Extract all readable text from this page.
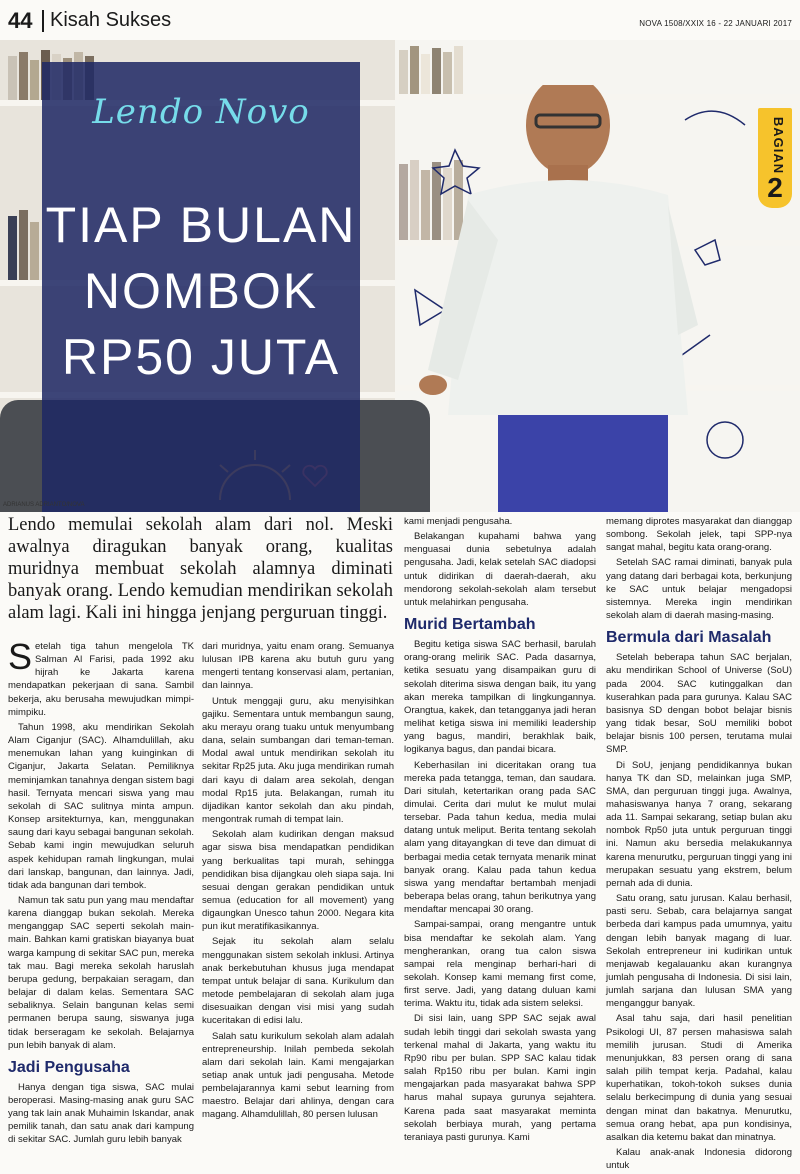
44 Kisah Sukses	NOVA 1508/XXIX 16 - 22 JANUARI 2017
Lendo Novo
TIAP BULAN NOMBOK RP50 JUTA
BAGIAN
2
ADRIANUS ADRIANTO/NOVA
Lendo memulai sekolah alam dari nol. Meski awalnya diragukan banyak orang, kualitas muridnya membuat sekolah alamnya diminati banyak orang. Lendo kemudian mendirikan sekolah alam lagi. Kali ini hingga jenjang perguruan tinggi.

Setelah tiga tahun mengelola TK Salman Al Farisi, pada 1992 aku hijrah ke Jakarta karena mendapatkan pekerjaan di sana. Sambil bekerja, aku berusaha mewujudkan mimpi-mimpiku.

Tahun 1998, aku mendirikan Sekolah Alam Ciganjur (SAC). Alhamdulillah, aku menemukan lahan yang kuinginkan di Ciganjur, Jakarta Selatan. Pemiliknya meminjamkan tanahnya dengan sistem bagi hasil. Ternyata mencari siswa yang mau sekolah di SAC sulitnya minta ampun. Konsep arsitekturnya, kan, menggunakan saung dari kayu sebagai bangunan sekolah. Sebab kami ingin mewujudkan seluruh aspek kehidupan ramah lingkungan, mulai dari lanskap, bangunan, dan lainnya. Jadi, tidak ada bangunan dari tembok.

Namun tak satu pun yang mau mendaftar karena dianggap bukan sekolah. Mereka menganggap SAC seperti sekolah main-main. Bahkan kami gratiskan biayanya buat warga kampung di sekitar SAC pun, mereka tak mau. Bagi mereka sekolah haruslah berupa gedung, berpakaian seragam, dan belajar di dalam kelas. Sementara SAC sebaliknya. Selain bangunan kelas semi permanen berupa saung, siswanya juga tidak berseragam ke sekolah. Belajarnya pun lebih banyak di alam.

Jadi Pengusaha

Hanya dengan tiga siswa, SAC mulai beroperasi. Masing-masing anak guru SAC yang tak lain anak Muhaimin Iskandar, anak pemilik tanah, dan satu anak dari kampung di sekitar SAC. Jumlah guru lebih banyak

dari muridnya, yaitu enam orang. Semuanya lulusan IPB karena aku butuh guru yang mengerti tentang konservasi alam, pertanian, dan lainnya.

Untuk menggaji guru, aku menyisihkan gajiku. Sementara untuk membangun saung, aku merayu orang tuaku untuk menyumbang dana, selain sumbangan dari teman-teman. Modal awal untuk mendirikan sekolah itu sekitar Rp25 juta. Aku juga mendirikan rumah dari kayu di dalam area sekolah, dengan modal Rp15 juta. Belakangan, rumah itu dijadikan kantor sekolah dan aku pindah, mengontrak rumah di tempat lain.

Sekolah alam kudirikan dengan maksud agar siswa bisa mendapatkan pendidikan yang berkualitas tapi murah, sehingga pendidikan bisa dijangkau oleh siapa saja. Ini sesuai dengan gerakan pendidikan untuk semua (education for all movement) yang digaungkan Unesco tahun 2000. Negara kita pun ikut meratifikasikannya.

Sejak itu sekolah alam selalu menggunakan sistem sekolah inklusi. Artinya anak berkebutuhan khusus juga mendapat tempat untuk belajar di sana. Kurikulum dan metode pembelajaran di sekolah alam juga disesuaikan dengan visi misi yang sudah kuceritakan di edisi lalu.

Salah satu kurikulum sekolah alam adalah entrepreneurship. Inilah pembeda sekolah alam dari sekolah lain. Kami mengajarkan setiap anak untuk jadi pengusaha. Metode pembelajarannya kami sebut learning from maestro. Belajar dari ahlinya, dengan cara magang. Alhamdulillah, 80 persen lulusan

kami menjadi pengusaha.

Belakangan kupahami bahwa yang menguasai dunia sebetulnya adalah pengusaha. Jadi, kelak setelah SAC diadopsi untuk didirikan di daerah-daerah, aku mendorong sekolah-sekolah alam tersebut untuk melahirkan pengusaha.

Murid Bertambah

Begitu ketiga siswa SAC berhasil, barulah orang-orang melirik SAC. Pada dasarnya, ketika sesuatu yang disampaikan guru di sekolah diterima siswa dengan baik, itu yang akan mereka tampilkan di lingkungannya. Orangtua, kakek, dan tetangganya jadi heran melihat ketiga siswa ini memiliki leadership yang bagus, mandiri, berakhlak baik, logikanya bagus, dan pandai bicara.

Keberhasilan ini diceritakan orang tua mereka pada tetangga, teman, dan saudara. Dari situlah, ketertarikan orang pada SAC dimulai. Cerita dari mulut ke mulut mulai tersebar. Pada tahun kedua, media mulai datang untuk meliput. Berita tentang sekolah alam yang ditayangkan di teve dan dimuat di berbagai media cetak ternyata menarik minat banyak orang. Kalau pada tahun kedua siswa yang mendaftar bertambah menjadi beberapa belas orang, tahun berikutnya yang mendaftar mencapai 30 orang.

Sampai-sampai, orang mengantre untuk bisa mendaftar ke sekolah alam. Yang mengherankan, orang tua calon siswa sampai rela menginap berhari-hari di sekolah. Konsep kami memang first come, first serve. Jadi, yang datang duluan kami terima. Waktu itu, tidak ada sistem seleksi.

Di sisi lain, uang SPP SAC sejak awal sudah lebih tinggi dari sekolah swasta yang terkenal mahal di Jakarta, yang waktu itu Rp90 ribu per bulan. SPP SAC kalau tidak salah Rp150 ribu per bulan. Kami ingin mengajarkan pada masyarakat bahwa SPP harus mahal supaya gurunya sejahtera. Karena pada saat masyarakat meminta sekolah berbiaya murah, yang pertama teraniaya pasti gurunya. Kami

memang diprotes masyarakat dan dianggap sombong. Sekolah jelek, tapi SPP-nya sangat mahal, begitu kata orang-orang.

Setelah SAC ramai diminati, banyak pula yang datang dari berbagai kota, berkunjung ke SAC untuk belajar mengadopsi sistemnya. Mereka ingin mendirikan sekolah alam di daerah masing-masing.

Bermula dari Masalah

Setelah beberapa tahun SAC berjalan, aku mendirikan School of Universe (SoU) pada 2004. SAC kutinggalkan dan kuserahkan pada para gurunya. Kalau SAC basisnya SD dengan bobot belajar bisnis yang tidak besar, SoU memiliki bobot belajar bisnis 100 persen, terutama mulai SMP.

Di SoU, jenjang pendidikannya bukan hanya TK dan SD, melainkan juga SMP, SMA, dan perguruan tinggi juga. Awalnya, mahasiswanya hanya 7 orang, sekarang ada 11. Sampai sekarang, setiap bulan aku nombok Rp50 juta untuk perguruan tinggi ini. Namun aku bersedia melakukannya karena menurutku, perguruan tinggi yang ini merupakan sesuatu yang ekstrem, belum pernah ada di dunia.

Satu orang, satu jurusan. Kalau berhasil, pasti seru. Sebab, cara belajarnya sangat berbeda dari kampus pada umumnya, yaitu dengan lebih banyak magang di luar. Sekolah entrepreneur ini kudirikan untuk menjawab kegalauanku akan kurangnya jumlah pengusaha di Indonesia. Di sisi lain, jumlah sarjana dan lulusan SMA yang menganggur banyak.

Asal tahu saja, dari hasil penelitian Psikologi UI, 87 persen mahasiswa salah memilih jurusan. Studi di Amerika menunjukkan, 83 persen orang di sana salah pilih tempat kerja. Padahal, kalau kuperhatikan, tokoh-tokoh sukses dunia selalu berkecimpung di dunia yang sesuai dengan minat dan bakatnya. Menurutku, semua orang hebat, apa pun kondisinya, asalkan dia ketemu bakat dan minatnya.

Kalau anak-anak Indonesia didorong untuk
